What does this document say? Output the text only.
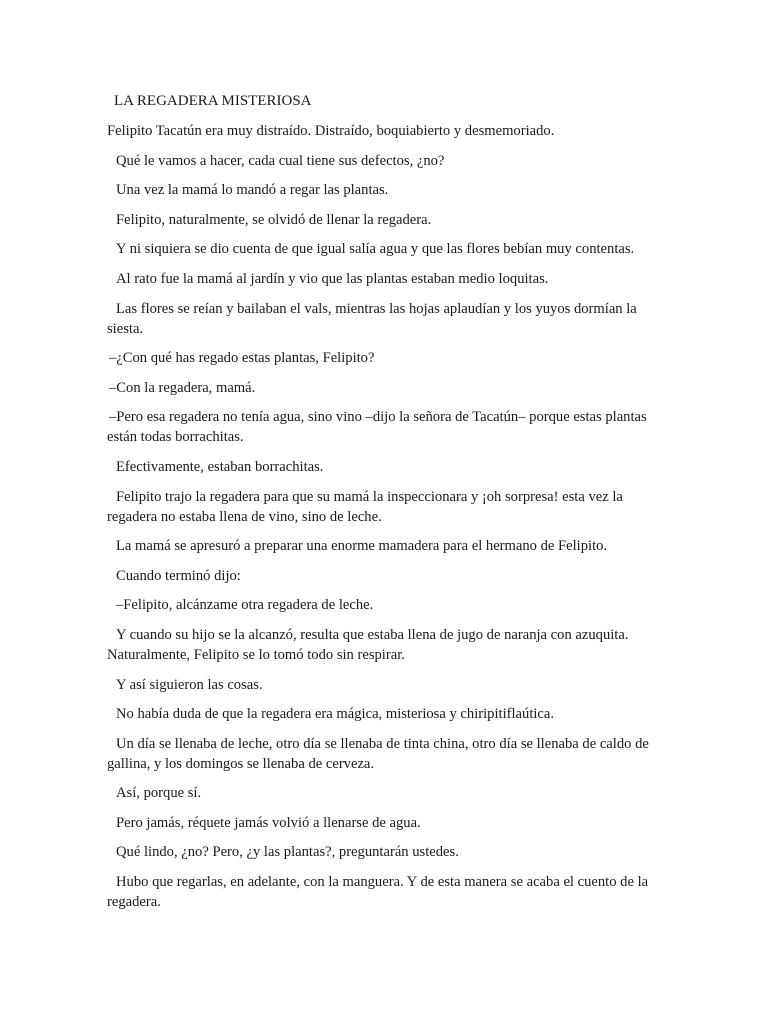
LA REGADERA MISTERIOSA

Felipito Tacatún era muy distraído. Distraído, boquiabierto y desmemoriado.

Qué le vamos a hacer, cada cual tiene sus defectos, ¿no?

Una vez la mamá lo mandó a regar las plantas.

Felipito, naturalmente, se olvidó de llenar la regadera.

Y ni siquiera se dio cuenta de que igual salía agua y que las flores bebían muy contentas.

Al rato fue la mamá al jardín y vio que las plantas estaban medio loquitas.

Las flores se reían y bailaban el vals, mientras las hojas aplaudían y los yuyos dormían la siesta.

–¿Con qué has regado estas plantas, Felipito?

–Con la regadera, mamá.

–Pero esa regadera no tenía agua, sino vino –dijo la señora de Tacatún– porque estas plantas están todas borrachitas.

Efectivamente, estaban borrachitas.

Felipito trajo la regadera para que su mamá la inspeccionara y ¡oh sorpresa! esta vez la regadera no estaba llena de vino, sino de leche.

La mamá se apresuró a preparar una enorme mamadera para el hermano de Felipito.

Cuando terminó dijo:

–Felipito, alcánzame otra regadera de leche.

Y cuando su hijo se la alcanzó, resulta que estaba llena de jugo de naranja con azuquita. Naturalmente, Felipito se lo tomó todo sin respirar.

Y así siguieron las cosas.

No había duda de que la regadera era mágica, misteriosa y chiripitiflaútica.

Un día se llenaba de leche, otro día se llenaba de tinta china, otro día se llenaba de caldo de gallina, y los domingos se llenaba de cerveza.

Así, porque sí.

Pero jamás, réquete jamás volvió a llenarse de agua.

Qué lindo, ¿no? Pero, ¿y las plantas?, preguntarán ustedes.

Hubo que regarlas, en adelante, con la manguera. Y de esta manera se acaba el cuento de la regadera.
